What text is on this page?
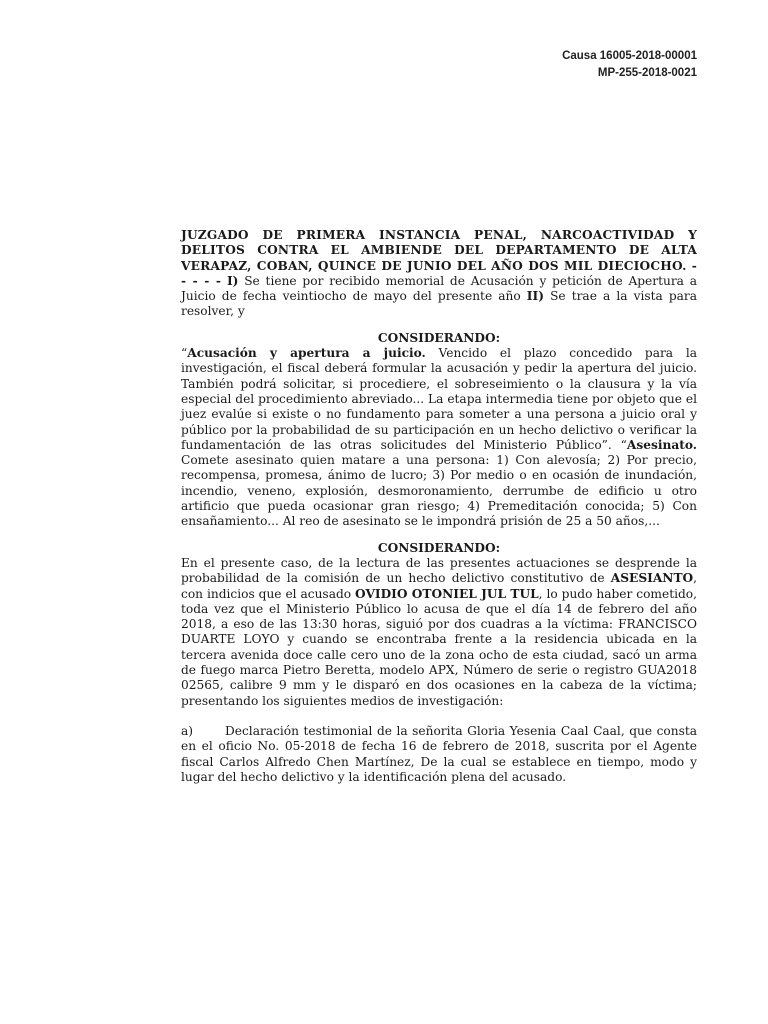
Causa 16005-2018-00001
MP-255-2018-0021

JUZGADO DE PRIMERA INSTANCIA PENAL, NARCOACTIVIDAD Y DELITOS CONTRA EL AMBIENDE DEL DEPARTAMENTO DE ALTA VERAPAZ, COBAN, QUINCE DE JUNIO DEL AÑO DOS MIL DIECIOCHO. - - - - - I) Se tiene por recibido memorial de Acusación y petición de Apertura a Juicio de fecha veintiocho de mayo del presente año II) Se trae a la vista para resolver, y

CONSIDERANDO:

“Acusación y apertura a juicio. Vencido el plazo concedido para la investigación, el fiscal deberá formular la acusación y pedir la apertura del juicio. También podrá solicitar, si procediere, el sobreseimiento o la clausura y la vía especial del procedimiento abreviado... La etapa intermedia tiene por objeto que el juez evalúe si existe o no fundamento para someter a una persona a juicio oral y público por la probabilidad de su participación en un hecho delictivo o verificar la fundamentación de las otras solicitudes del Ministerio Público”. “Asesinato. Comete asesinato quien matare a una persona: 1) Con alevosía; 2) Por precio, recompensa, promesa, ánimo de lucro; 3) Por medio o en ocasión de inundación, incendio, veneno, explosión, desmoronamiento, derrumbe de edificio u otro artificio que pueda ocasionar gran riesgo; 4) Premeditación conocida; 5) Con ensañamiento... Al reo de asesinato se le impondrá prisión de 25 a 50 años,...

CONSIDERANDO:

En el presente caso, de la lectura de las presentes actuaciones se desprende la probabilidad de la comisión de un hecho delictivo constitutivo de ASESIANTO, con indicios que el acusado OVIDIO OTONIEL JUL TUL, lo pudo haber cometido, toda vez que el Ministerio Público lo acusa de que el día 14 de febrero del año 2018, a eso de las 13:30 horas, siguió por dos cuadras a la víctima: FRANCISCO DUARTE LOYO y cuando se encontraba frente a la residencia ubicada en la tercera avenida doce calle cero uno de la zona ocho de esta ciudad, sacó un arma de fuego marca Pietro Beretta, modelo APX, Número de serie o registro GUA2018 02565, calibre 9 mm y le disparó en dos ocasiones en la cabeza de la víctima; presentando los siguientes medios de investigación:

a)	Declaración testimonial de la señorita Gloria Yesenia Caal Caal, que consta en el oficio No. 05-2018 de fecha 16 de febrero de 2018, suscrita por el Agente fiscal Carlos Alfredo Chen Martínez, De la cual se establece en tiempo, modo y lugar del hecho delictivo y la identificación plena del acusado.
